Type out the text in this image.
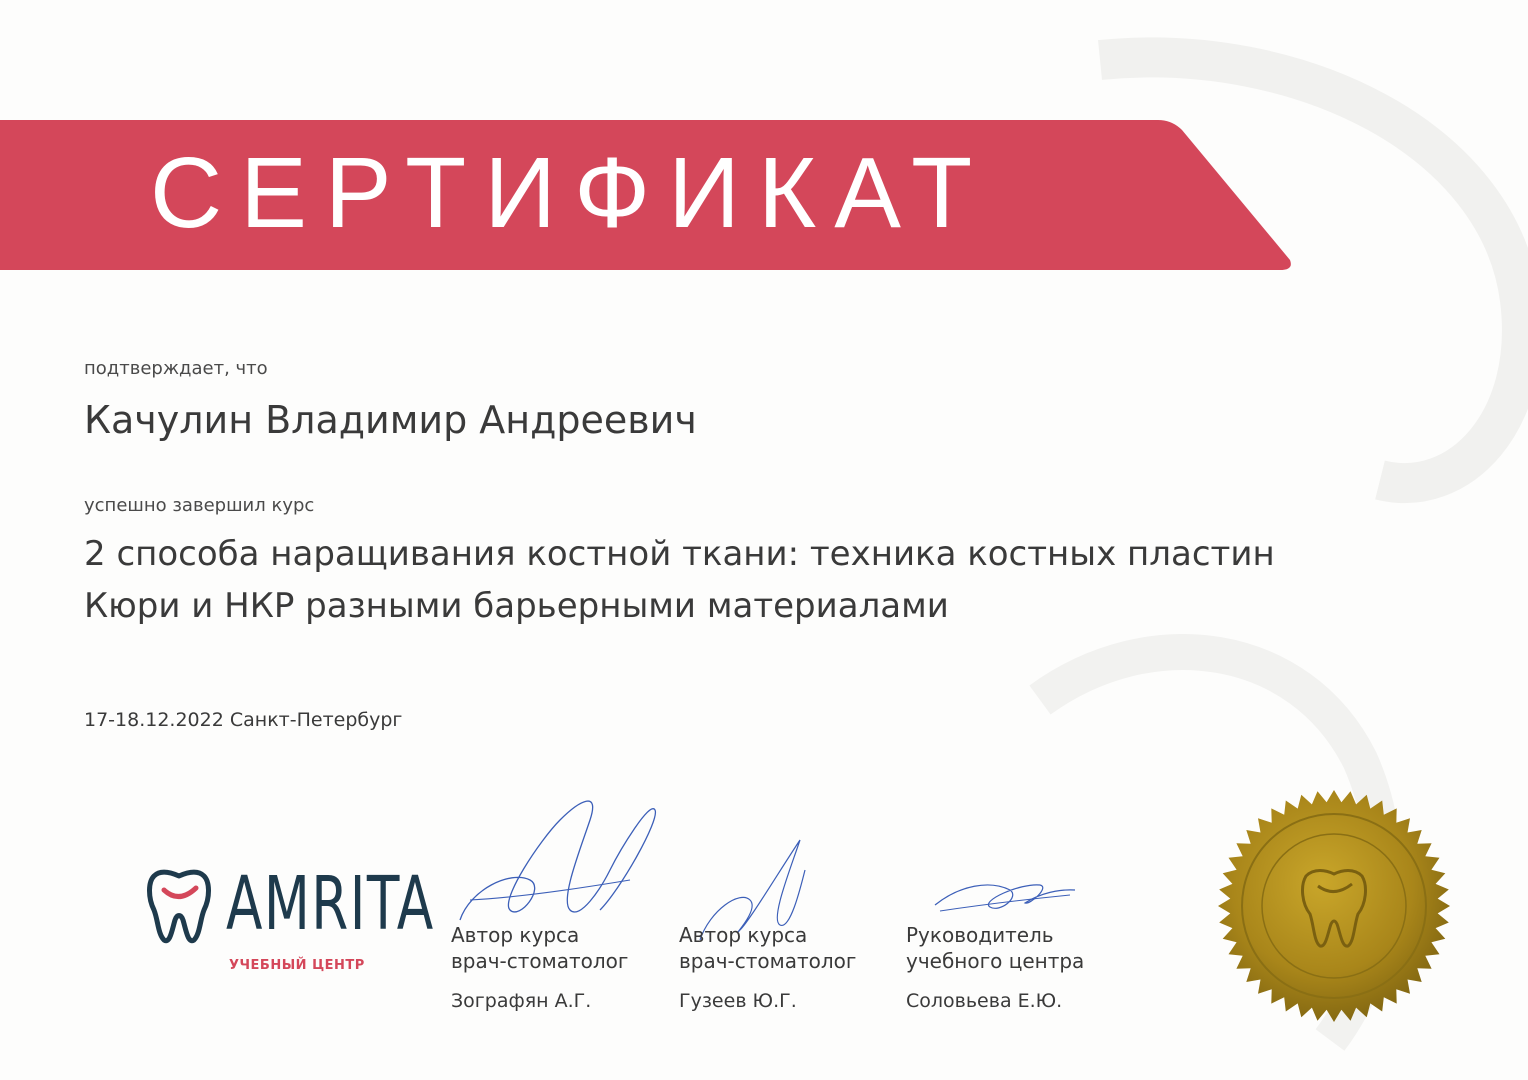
СЕРТИФИКАТ
подтверждает, что
Качулин Владимир Андреевич
успешно завершил курс
2 способа наращивания костной ткани: техника костных пластин
Кюри и НКР разными барьерными материалами
17-18.12.2022 Санкт-Петербург
AMRITA
УЧЕБНЫЙ ЦЕНТР
Автор курса
врач-стоматолог
Зографян А.Г.
Автор курса
врач-стоматолог
Гузеев Ю.Г.
Руководитель
учебного центра
Соловьева Е.Ю.
